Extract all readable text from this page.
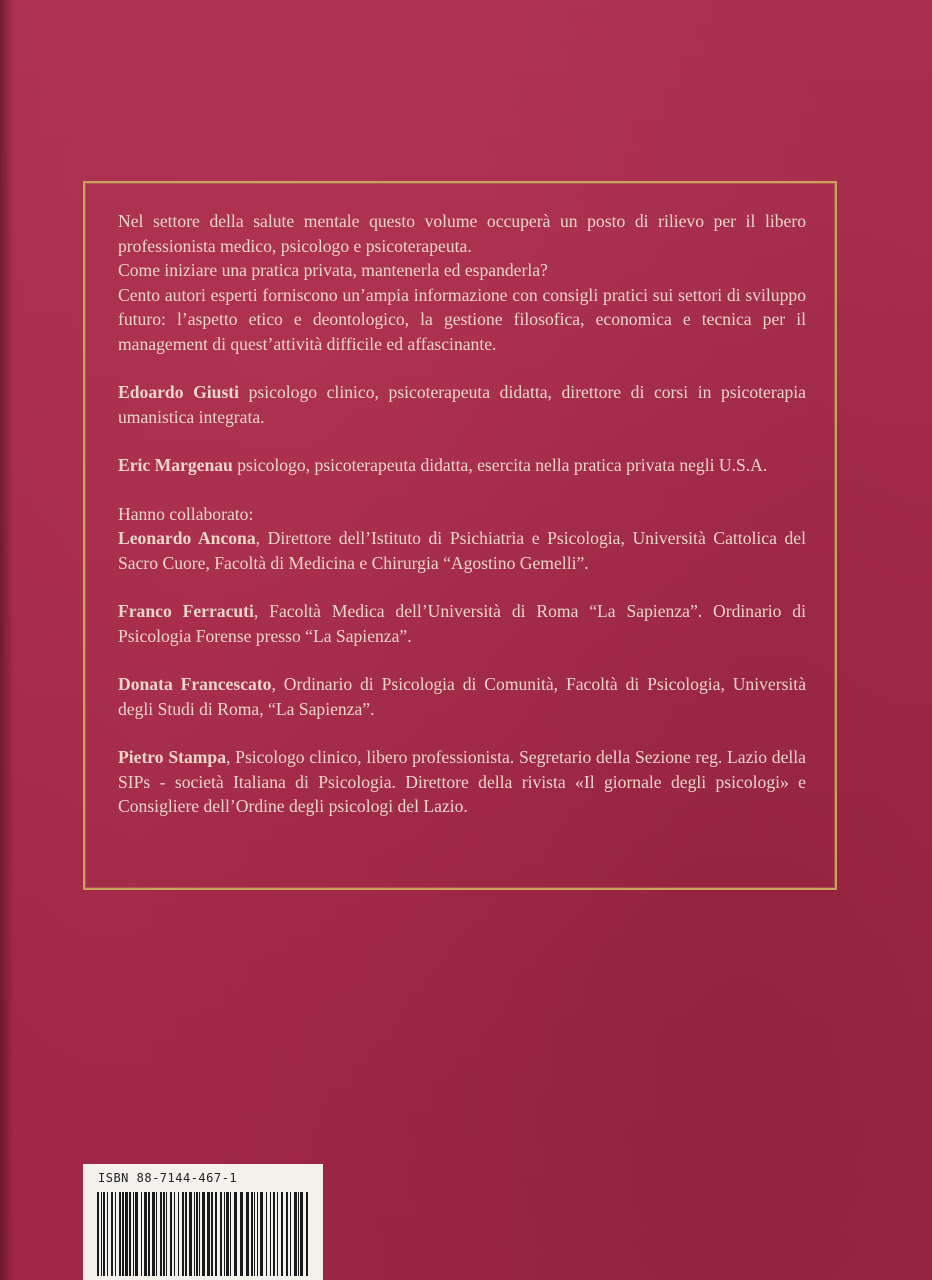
Nel settore della salute mentale questo volume occuperà un posto di rilievo per il libero professionista medico, psicologo e psicoterapeuta.

Come iniziare una pratica privata, mantenerla ed espanderla?

Cento autori esperti forniscono un’ampia informazione con consigli pratici sui settori di sviluppo futuro: l’aspetto etico e deontologico, la gestione filosofica, economica e tecnica per il management di quest’attività difficile ed affascinante.

Edoardo Giusti psicologo clinico, psicoterapeuta didatta, direttore di corsi in psicoterapia umanistica integrata.

Eric Margenau psicologo, psicoterapeuta didatta, esercita nella pratica privata negli U.S.A.

Hanno collaborato:

Leonardo Ancona, Direttore dell’Istituto di Psichiatria e Psicologia, Università Cattolica del Sacro Cuore, Facoltà di Medicina e Chirurgia “Agostino Gemelli”.

Franco Ferracuti, Facoltà Medica dell’Università di Roma “La Sapienza”. Ordinario di Psicologia Forense presso “La Sapienza”.

Donata Francescato, Ordinario di Psicologia di Comunità, Facoltà di Psicologia, Università degli Studi di Roma, “La Sapienza”.

Pietro Stampa, Psicologo clinico, libero professionista. Segretario della Sezione reg. Lazio della SIPs - società Italiana di Psicologia. Direttore della rivista «Il giornale degli psicologi» e Consigliere dell’Ordine degli psicologi del Lazio.

ISBN 88-7144-467-1
